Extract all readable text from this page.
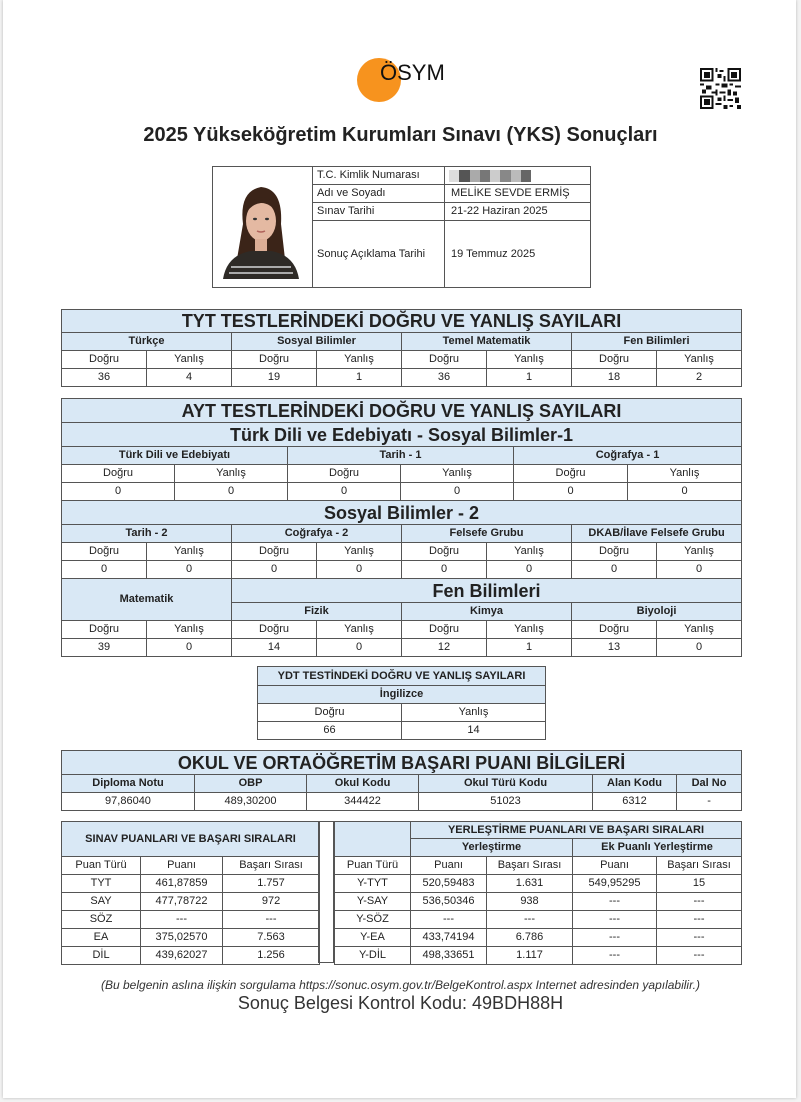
ÖSYM
2025 Yükseköğretim Kurumları Sınavı (YKS) Sonuçları
	T.C. Kimlik Numarası	

	Adı ve Soyadı	MELİKE SEVDE ERMİŞ
	Sınav Tarihi	21-22 Haziran 2025
	Sonuç Açıklama Tarihi	19 Temmuz 2025
TYT TESTLERİNDEKİ DOĞRU VE YANLIŞ SAYILARI							
Türkçe		Sosyal Bilimler		Temel Matematik		Fen Bilimleri	
Doğru	Yanlış	Doğru	Yanlış	Doğru	Yanlış	Doğru	Yanlış
36	4	19	1	36	1	18	2
AYT TESTLERİNDEKİ DOĞRU VE YANLIŞ SAYILARI					
Türk Dili ve Edebiyatı - Sosyal Bilimler-1					
Türk Dili ve Edebiyatı		Tarih - 1		Coğrafya - 1	
Doğru	Yanlış	Doğru	Yanlış	Doğru	Yanlış
0	0	0	0	0	0
Sosyal Bilimler - 2							
Tarih - 2		Coğrafya - 2		Felsefe Grubu		DKAB/İlave Felsefe Grubu	
Doğru	Yanlış	Doğru	Yanlış	Doğru	Yanlış	Doğru	Yanlış
0	0	0	0	0	0	0	0
Matematik		Fen Bilimleri					
		Fizik		Kimya		Biyoloji	
Doğru	Yanlış	Doğru	Yanlış	Doğru	Yanlış	Doğru	Yanlış
39	0	14	0	12	1	13	0
YDT TESTİNDEKİ DOĞRU VE YANLIŞ SAYILARI	
İngilizce	
Doğru	Yanlış
66	14
OKUL VE ORTAÖĞRETİM BAŞARI PUANI BİLGİLERİ					
Diploma Notu	OBP	Okul Kodu	Okul Türü Kodu	Alan Kodu	Dal No
97,86040	489,30200	344422	51023	6312	-
SINAV PUANLARI VE BAŞARI SIRALARI		
Puan Türü	Puanı	Başarı Sırası
TYT	461,87859	1.757
SAY	477,78722	972
SÖZ	---	---
EA	375,02570	7.563
DİL	439,62027	1.256
	YERLEŞTİRME PUANLARI VE BAŞARI SIRALARI			
	Yerleştirme		Ek Puanlı Yerleştirme	
Puan Türü	Puanı	Başarı Sırası	Puanı	Başarı Sırası
Y-TYT	520,59483	1.631	549,95295	15
Y-SAY	536,50346	938	---	---
Y-SÖZ	---	---	---	---
Y-EA	433,74194	6.786	---	---
Y-DİL	498,33651	1.117	---	---
(Bu belgenin aslına ilişkin sorgulama https://sonuc.osym.gov.tr/BelgeKontrol.aspx Internet adresinden yapılabilir.)
Sonuç Belgesi Kontrol Kodu: 49BDH88H
